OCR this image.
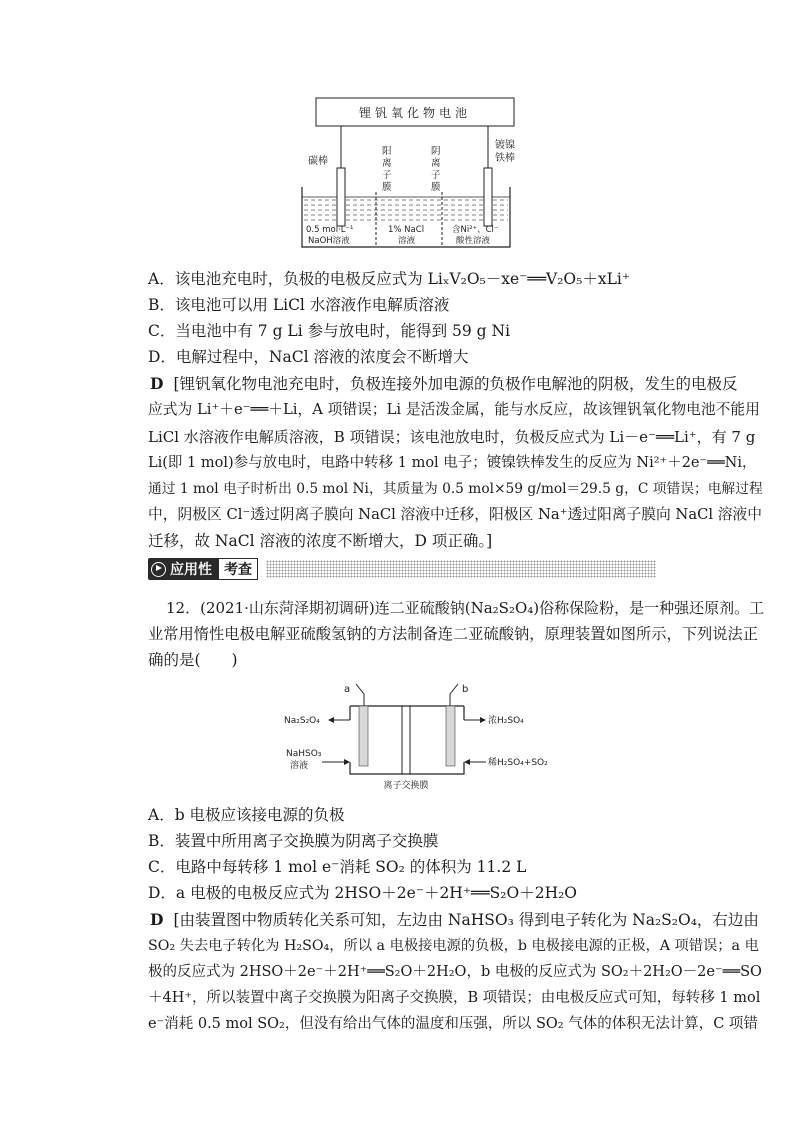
锂钒氧化物电池
碳棒
镀镍
铁棒
阳
离
子
膜
阴
离
子
膜
0.5 mol·L⁻¹
NaOH溶液
1% NaCl
溶液
含Ni²⁺、Cl⁻
酸性溶液
A．该电池充电时，负极的电极反应式为 LiₓV₂O₅－xe⁻══V₂O₅＋xLi⁺
B．该电池可以用 LiCl 水溶液作电解质溶液
C．当电池中有 7 g Li 参与放电时，能得到 59 g Ni
D．电解过程中，NaCl 溶液的浓度会不断增大
D [锂钒氧化物电池充电时，负极连接外加电源的负极作电解池的阴极，发生的电极反
应式为 Li⁺＋e⁻══＋Li，A 项错误；Li 是活泼金属，能与水反应，故该锂钒氧化物电池不能用
LiCl 水溶液作电解质溶液，B 项错误；该电池放电时，负极反应式为 Li－e⁻══Li⁺，有 7 g
Li(即 1 mol)参与放电时，电路中转移 1 mol 电子；镀镍铁棒发生的反应为 Ni²⁺＋2e⁻══Ni，
通过 1 mol 电子时析出 0.5 mol Ni，其质量为 0.5 mol×59 g/mol＝29.5 g，C 项错误；电解过程
中，阴极区 Cl⁻透过阴离子膜向 NaCl 溶液中迁移，阳极区 Na⁺透过阳离子膜向 NaCl 溶液中
迁移，故 NaCl 溶液的浓度不断增大，D 项正确。]
应用性 考查
12．(2021·山东菏泽期初调研)连二亚硫酸钠(Na₂S₂O₄)俗称保险粉，是一种强还原剂。工
业常用惰性电极电解亚硫酸氢钠的方法制备连二亚硫酸钠，原理装置如图所示，下列说法正
确的是(　　)
a	b
Na₂S₂O₄
NaHSO₃
溶液
浓H₂SO₄
稀H₂SO₄+SO₂
离子交换膜
A．b 电极应该接电源的负极
B．装置中所用离子交换膜为阴离子交换膜
C．电路中每转移 1 mol e⁻消耗 SO₂ 的体积为 11.2 L
D．a 电极的电极反应式为 2HSO＋2e⁻＋2H⁺══S₂O＋2H₂O
D [由装置图中物质转化关系可知，左边由 NaHSO₃ 得到电子转化为 Na₂S₂O₄，右边由
SO₂ 失去电子转化为 H₂SO₄，所以 a 电极接电源的负极，b 电极接电源的正极，A 项错误；a 电
极的反应式为 2HSO＋2e⁻＋2H⁺══S₂O＋2H₂O，b 电极的反应式为 SO₂＋2H₂O－2e⁻══SO
＋4H⁺，所以装置中离子交换膜为阳离子交换膜，B 项错误；由电极反应式可知，每转移 1 mol
e⁻消耗 0.5 mol SO₂，但没有给出气体的温度和压强，所以 SO₂ 气体的体积无法计算，C 项错
